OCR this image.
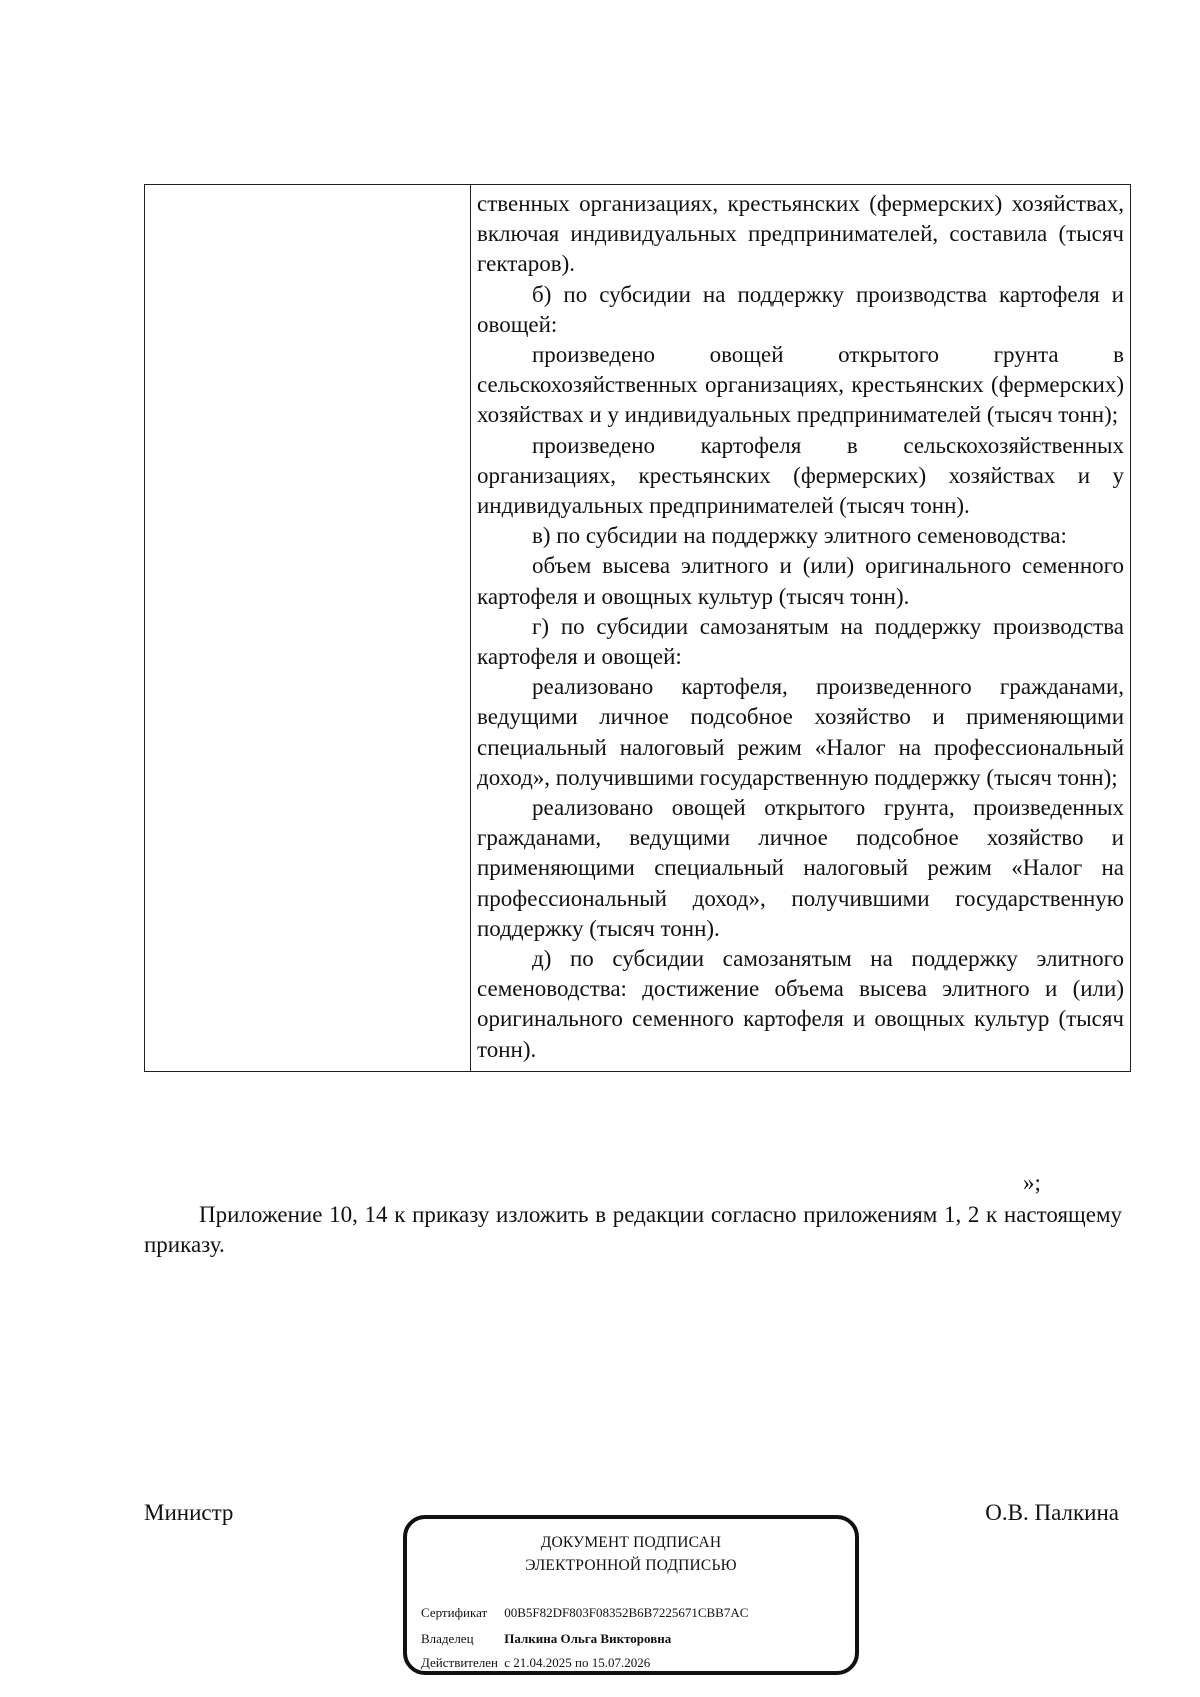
ственных организациях, крестьянских (фермерских) хозяйствах, включая индивидуальных предпринимателей, составила (тысяч гектаров).

б) по субсидии на поддержку производства картофеля и овощей:

произведено овощей открытого грунта в сельскохозяйственных организациях, крестьянских (фермерских) хозяйствах и у индивидуальных предпринимателей (тысяч тонн);

произведено картофеля в сельскохозяйственных организациях, крестьянских (фермерских) хозяйствах и у индивидуальных предпринимателей (тысяч тонн).

в) по субсидии на поддержку элитного семеноводства:

объем высева элитного и (или) оригинального семенного картофеля и овощных культур (тысяч тонн).

г) по субсидии самозанятым на поддержку производства картофеля и овощей:

реализовано картофеля, произведенного гражданами, ведущими личное подсобное хозяйство и применяющими специальный налоговый режим «Налог на профессиональный доход», получившими государственную поддержку (тысяч тонн);

реализовано овощей открытого грунта, произведенных гражданами, ведущими личное подсобное хозяйство и применяющими специальный налоговый режим «Налог на профессиональный доход», получившими государственную поддержку (тысяч тонн).

д) по субсидии самозанятым на поддержку элитного семеноводства: достижение объема высева элитного и (или) оригинального семенного картофеля и овощных культур (тысяч тонн).

»;

Приложение 10, 14 к приказу изложить в редакции согласно приложениям 1, 2 к настоящему приказу.

Министр	О.В. Палкина
ДОКУМЕНТ ПОДПИСАН
ЭЛЕКТРОННОЙ ПОДПИСЬЮ
Сертификат 00B5F82DF803F08352B6B7225671CBB7AC
Владелец Палкина Ольга Викторовна
Действителен с 21.04.2025 по 15.07.2026
